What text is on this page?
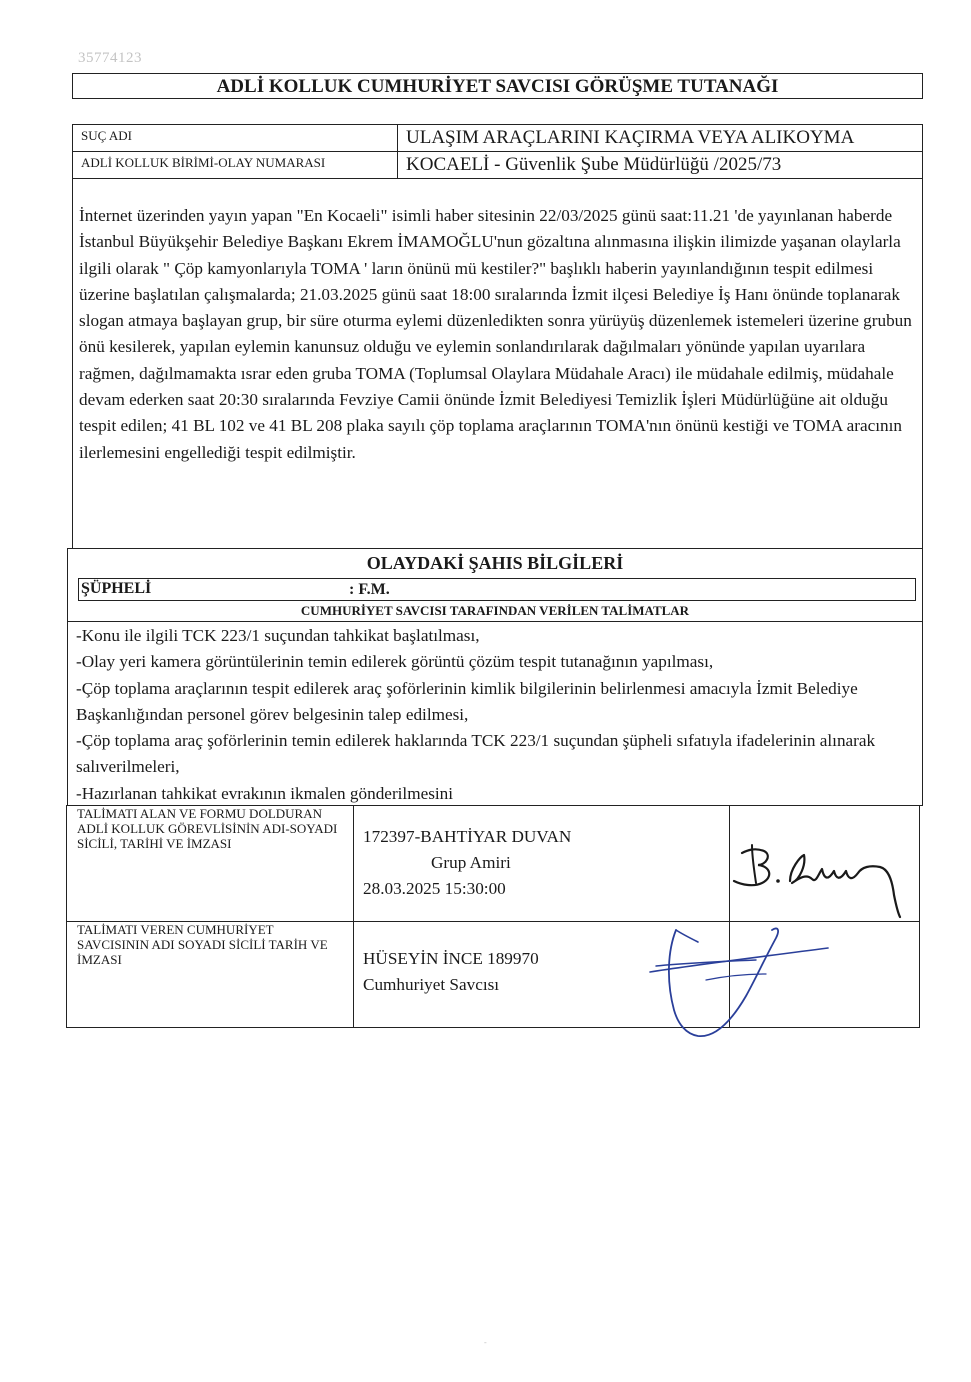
35774123
ADLİ KOLLUK CUMHURİYET SAVCISI GÖRÜŞME TUTANAĞI
SUÇ ADI	ULAŞIM ARAÇLARINI KAÇIRMA VEYA ALIKOYMA
ADLİ KOLLUK BİRİMİ-OLAY NUMARASI	KOCAELİ - Güvenlik Şube Müdürlüğü /2025/73

İnternet üzerinden yayın yapan "En Kocaeli" isimli haber sitesinin 22/03/2025 günü saat:11.21 'de yayınlanan haberde İstanbul Büyükşehir Belediye Başkanı Ekrem İMAMOĞLU'nun gözaltına alınmasına ilişkin ilimizde yaşanan olaylarla ilgili olarak " Çöp kamyonlarıyla TOMA ' ların önünü mü kestiler?" başlıklı haberin yayınlandığının tespit edilmesi üzerine başlatılan çalışmalarda; 21.03.2025 günü saat 18:00 sıralarında İzmit ilçesi Belediye İş Hanı önünde toplanarak slogan atmaya başlayan grup, bir süre oturma eylemi düzenledikten sonra yürüyüş düzenlemek istemeleri üzerine grubun önü kesilerek, yapılan eylemin kanunsuz olduğu ve eylemin sonlandırılarak dağılmaları yönünde yapılan uyarılara rağmen, dağılmamakta ısrar eden gruba TOMA (Toplumsal Olaylara Müdahale Aracı) ile müdahale edilmiş, müdahale devam ederken saat 20:30 sıralarında Fevziye Camii önünde İzmit Belediyesi Temizlik İşleri Müdürlüğüne ait olduğu tespit edilen; 41 BL 102 ve 41 BL 208 plaka sayılı çöp toplama araçlarının TOMA'nın önünü kestiği ve TOMA aracının ilerlemesini engellediği tespit edilmiştir.

OLAYDAKİ ŞAHIS BİLGİLERİ
ŞÜPHELİ	: F.M.
CUMHURİYET SAVCISI TARAFINDAN VERİLEN TALİMATLAR
-Konu ile ilgili TCK 223/1 suçundan tahkikat başlatılması,
-Olay yeri kamera görüntülerinin temin edilerek görüntü çözüm tespit tutanağının yapılması,
-Çöp toplama araçlarının tespit edilerek araç şoförlerinin kimlik bilgilerinin belirlenmesi amacıyla İzmit Belediye Başkanlığından personel görev belgesinin talep edilmesi,
-Çöp toplama araç şoförlerinin temin edilerek haklarında TCK 223/1 suçundan şüpheli sıfatıyla ifadelerinin alınarak salıverilmeleri,
-Hazırlanan tahkikat evrakının ikmalen gönderilmesini
TALİMATI ALAN VE FORMU DOLDURAN ADLİ KOLLUK GÖREVLİSİNİN ADI-SOYADI SİCİLİ, TARİHİ VE İMZASI	172397-BAHTİYAR DUVAN
Grup Amiri
28.03.2025 15:30:00
TALİMATI VEREN CUMHURİYET SAVCISININ ADI SOYADI SİCİLİ TARİH VE İMZASI	HÜSEYİN İNCE 189970
Cumhuriyet Savcısı
-
